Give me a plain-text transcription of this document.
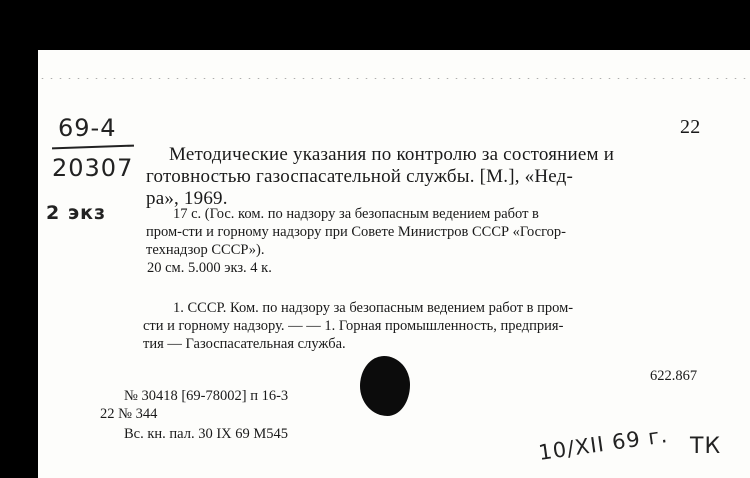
69-4
20307
2 экз
22
Методические указания по контролю за состоянием и
готовностью газоспасательной службы. [М.], «Нед-
ра», 1969.
17 с. (Гос. ком. по надзору за безопасным ведением работ в
пром-сти и горному надзору при Совете Министров СССР «Госгор-
технадзор СССР»).
20 см. 5.000 экз. 4 к.
1. СССР. Ком. по надзору за безопасным ведением работ в пром-
сти и горному надзору. — — 1. Горная промышленность, предприя-
тия — Газоспасательная служба.
622.867
№ 30418 [69-78002] п 16-3
22 № 344
Вс. кн. пал. 30 IX 69 М545	10/XII 69 г. ТК
